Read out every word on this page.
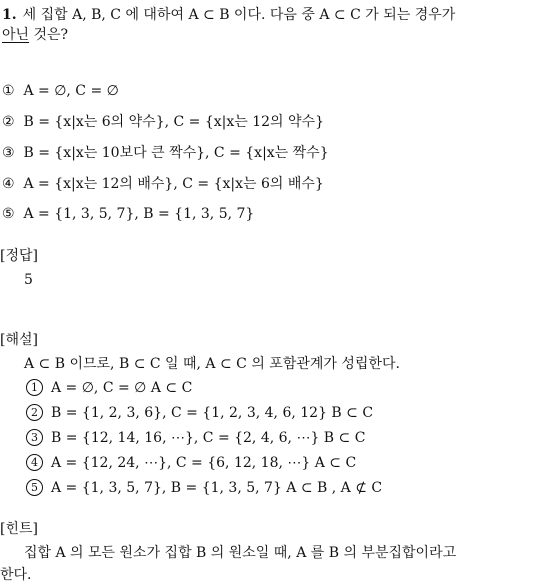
1. 세 집합 A, B, C 에 대하여 A ⊂ B 이다. 다음 중 A ⊂ C 가 되는 경우가
아닌 것은?
① A = ∅, C = ∅
② B = {x|x는 6의 약수}, C = {x|x는 12의 약수}
③ B = {x|x는 10보다 큰 짝수}, C = {x|x는 짝수}
④ A = {x|x는 12의 배수}, C = {x|x는 6의 배수}
⑤ A = {1, 3, 5, 7}, B = {1, 3, 5, 7}
[정답]
5
[해설]
A ⊂ B 이므로, B ⊂ C 일 때, A ⊂ C 의 포함관계가 성립한다.
1 A = ∅, C = ∅ A ⊂ C
2 B = {1, 2, 3, 6}, C = {1, 2, 3, 4, 6, 12} B ⊂ C
3 B = {12, 14, 16, ⋯}, C = {2, 4, 6, ⋯} B ⊂ C
4 A = {12, 24, ⋯}, C = {6, 12, 18, ⋯} A ⊂ C
5 A = {1, 3, 5, 7}, B = {1, 3, 5, 7} A ⊂ B , A ⊄ C
[힌트]
집합 A 의 모든 원소가 집합 B 의 원소일 때, A 를 B 의 부분집합이라고
한다.
